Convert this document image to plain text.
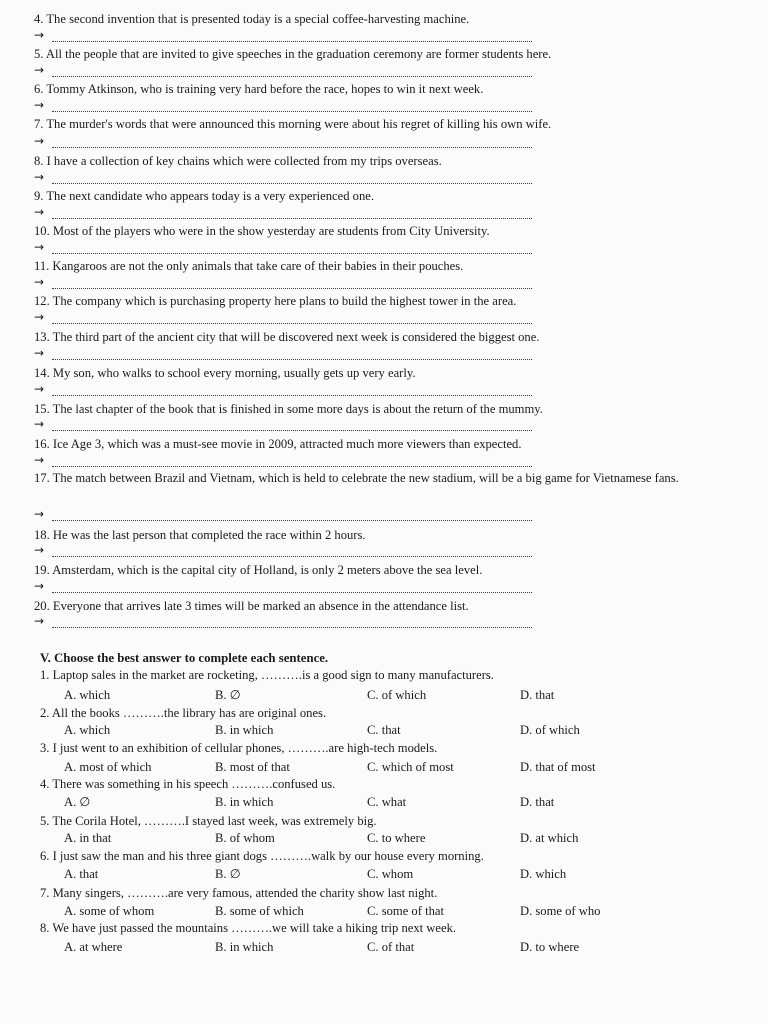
4. The second invention that is presented today is a special coffee-harvesting machine.
→
5. All the people that are invited to give speeches in the graduation ceremony are former students here.
→
6. Tommy Atkinson, who is training very hard before the race, hopes to win it next week.
→
7. The murder's words that were announced this morning were about his regret of killing his own wife.
→
8. I have a collection of key chains which were collected from my trips overseas.
→
9. The next candidate who appears today is a very experienced one.
→
10. Most of the players who were in the show yesterday are students from City University.
→
11. Kangaroos are not the only animals that take care of their babies in their pouches.
→
12. The company which is purchasing property here plans to build the highest tower in the area.
→
13. The third part of the ancient city that will be discovered next week is considered the biggest one.
→
14. My son, who walks to school every morning, usually gets up very early.
→
15. The last chapter of the book that is finished in some more days is about the return of the mummy.
→
16. Ice Age 3, which was a must-see movie in 2009, attracted much more viewers than expected.
→
17. The match between Brazil and Vietnam, which is held to celebrate the new stadium, will be a big game for Vietnamese fans.
→
18. He was the last person that completed the race within 2 hours.
→
19. Amsterdam, which is the capital city of Holland, is only 2 meters above the sea level.
→
20. Everyone that arrives late 3 times will be marked an absence in the attendance list.
→
V. Choose the best answer to complete each sentence.
1. Laptop sales in the market are rocketing, ……….is a good sign to many manufacturers.
A. which	B. ∅	C. of which	D. that
2. All the books ……….the library has are original ones.
A. which	B. in which	C. that	D. of which
3. I just went to an exhibition of cellular phones, ……….are high-tech models.
A. most of which	B. most of that	C. which of most	D. that of most
4. There was something in his speech ……….confused us.
A. ∅	B. in which	C. what	D. that
5. The Corila Hotel, ……….I stayed last week, was extremely big.
A. in that	B. of whom	C. to where	D. at which
6. I just saw the man and his three giant dogs ……….walk by our house every morning.
A. that	B. ∅	C. whom	D. which
7. Many singers, ……….are very famous, attended the charity show last night.
A. some of whom	B. some of which	C. some of that	D. some of who
8. We have just passed the mountains ……….we will take a hiking trip next week.
A. at where	B. in which	C. of that	D. to where
